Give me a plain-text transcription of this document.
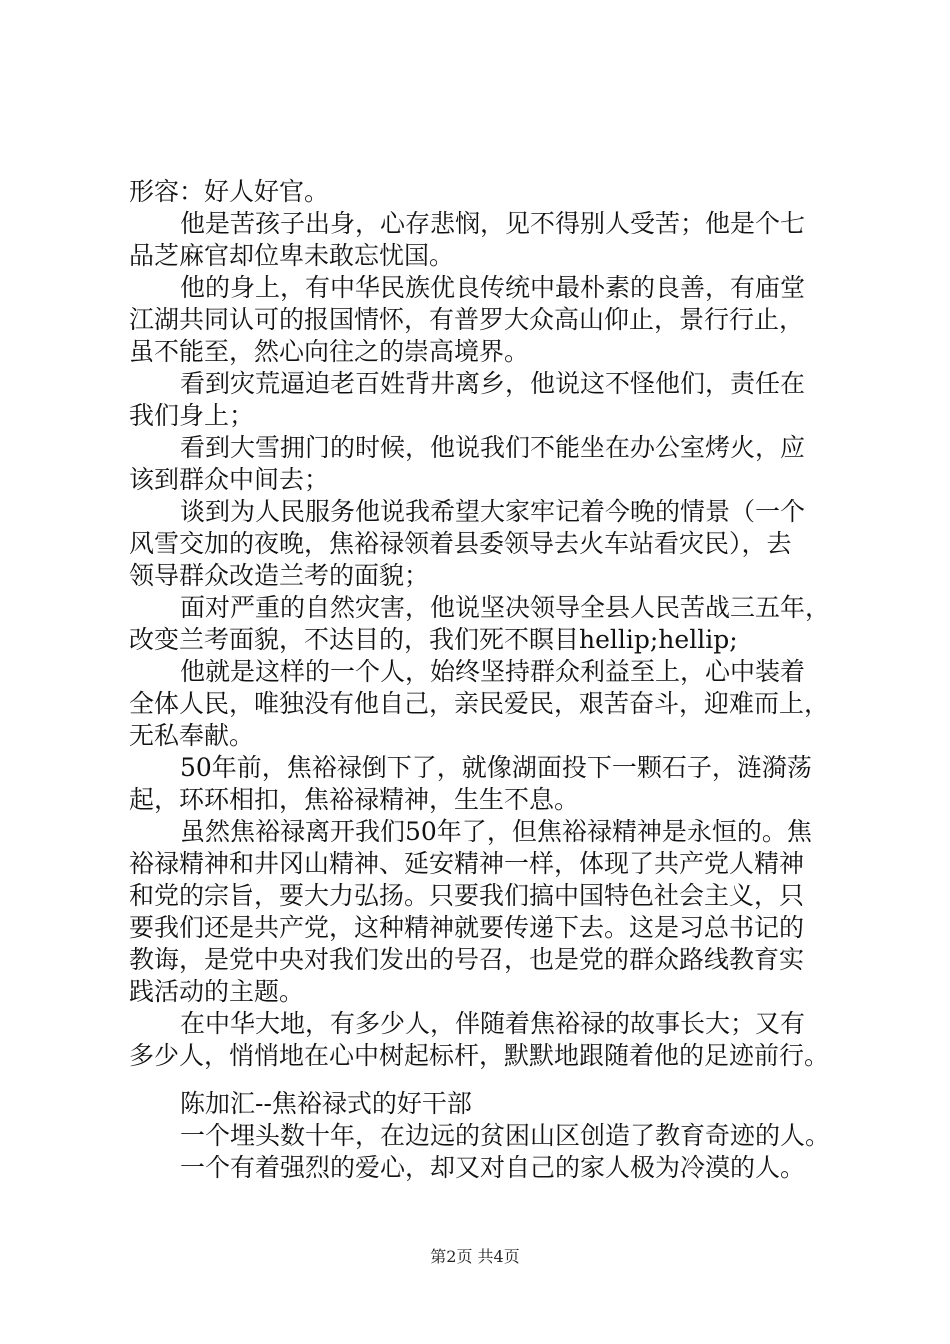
形容：好人好官。
他是苦孩子出身，心存悲悯，见不得别人受苦；他是个七
品芝麻官却位卑未敢忘忧国。
他的身上，有中华民族优良传统中最朴素的良善，有庙堂
江湖共同认可的报国情怀，有普罗大众高山仰止，景行行止，
虽不能至，然心向往之的崇高境界。
看到灾荒逼迫老百姓背井离乡，他说这不怪他们，责任在
我们身上；
看到大雪拥门的时候，他说我们不能坐在办公室烤火，应
该到群众中间去；
谈到为人民服务他说我希望大家牢记着今晚的情景（一个
风雪交加的夜晚，焦裕禄领着县委领导去火车站看灾民），去
领导群众改造兰考的面貌；
面对严重的自然灾害，他说坚决领导全县人民苦战三五年，
改变兰考面貌，不达目的，我们死不瞑目hellip;hellip;
他就是这样的一个人，始终坚持群众利益至上，心中装着
全体人民，唯独没有他自己，亲民爱民，艰苦奋斗，迎难而上，
无私奉献。
50年前，焦裕禄倒下了，就像湖面投下一颗石子，涟漪荡
起，环环相扣，焦裕禄精神，生生不息。
虽然焦裕禄离开我们50年了，但焦裕禄精神是永恒的。焦
裕禄精神和井冈山精神、延安精神一样，体现了共产党人精神
和党的宗旨，要大力弘扬。只要我们搞中国特色社会主义，只
要我们还是共产党，这种精神就要传递下去。这是习总书记的
教诲，是党中央对我们发出的号召，也是党的群众路线教育实
践活动的主题。
在中华大地，有多少人，伴随着焦裕禄的故事长大；又有
多少人，悄悄地在心中树起标杆，默默地跟随着他的足迹前行。
陈加汇--焦裕禄式的好干部
一个埋头数十年，在边远的贫困山区创造了教育奇迹的人。
一个有着强烈的爱心，却又对自己的家人极为冷漠的人。
第2页 共4页
